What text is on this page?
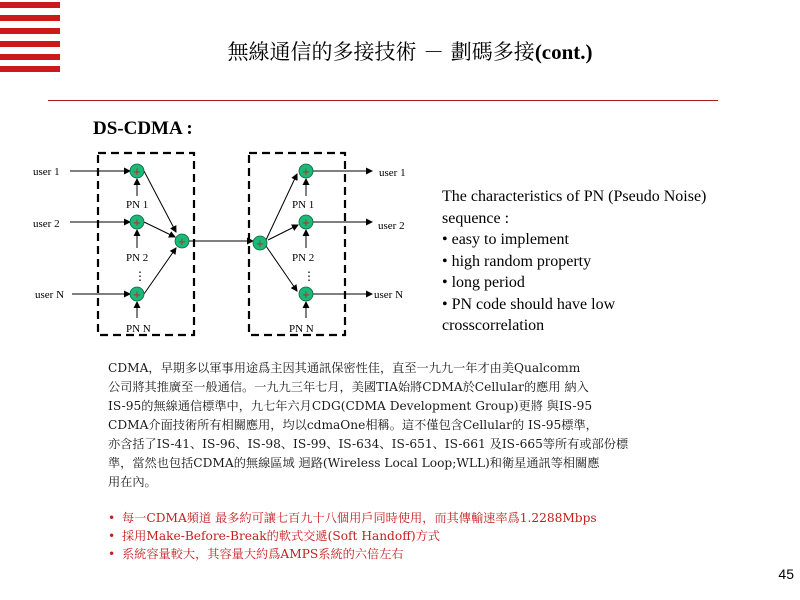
無線通信的多接技術 － 劃碼多接(cont.)
DS-CDMA :
+
+
+
+	+
+
+
+
user 1
user 2
user N
user 1
user 2
user N
PN 1
PN 2
PN N
PN 1
PN 2
PN N
⋮	⋮
The characteristics of PN (Pseudo Noise)
sequence :
• easy to implement
• high random property
• long period
• PN code should have low
crosscorrelation
CDMA，早期多以軍事用途爲主因其通訊保密性佳，直至一九九一年才由美Qualcomm
公司將其推廣至一般通信。一九九三年七月，美國TIA始將CDMA於Cellular的應用 納入
IS-95的無線通信標準中，九七年六月CDG(CDMA Development Group)更將 與IS-95
CDMA介面技術所有相關應用，均以cdmaOne相稱。這不僅包含Cellular的 IS-95標準，
亦含括了IS-41、IS-96、IS-98、IS-99、IS-634、IS-651、IS-661 及IS-665等所有或部份標
準，當然也包括CDMA的無線區域 迴路(Wireless Local Loop;WLL)和衛星通訊等相關應
用在內。
• 每一CDMA頻道 最多約可讓七百九十八個用戶同時使用，而其傳輸速率爲1.2288Mbps
• 採用Make-Before-Break的軟式交遞(Soft Handoff)方式
• 系統容量較大，其容量大約爲AMPS系統的六倍左右
45
